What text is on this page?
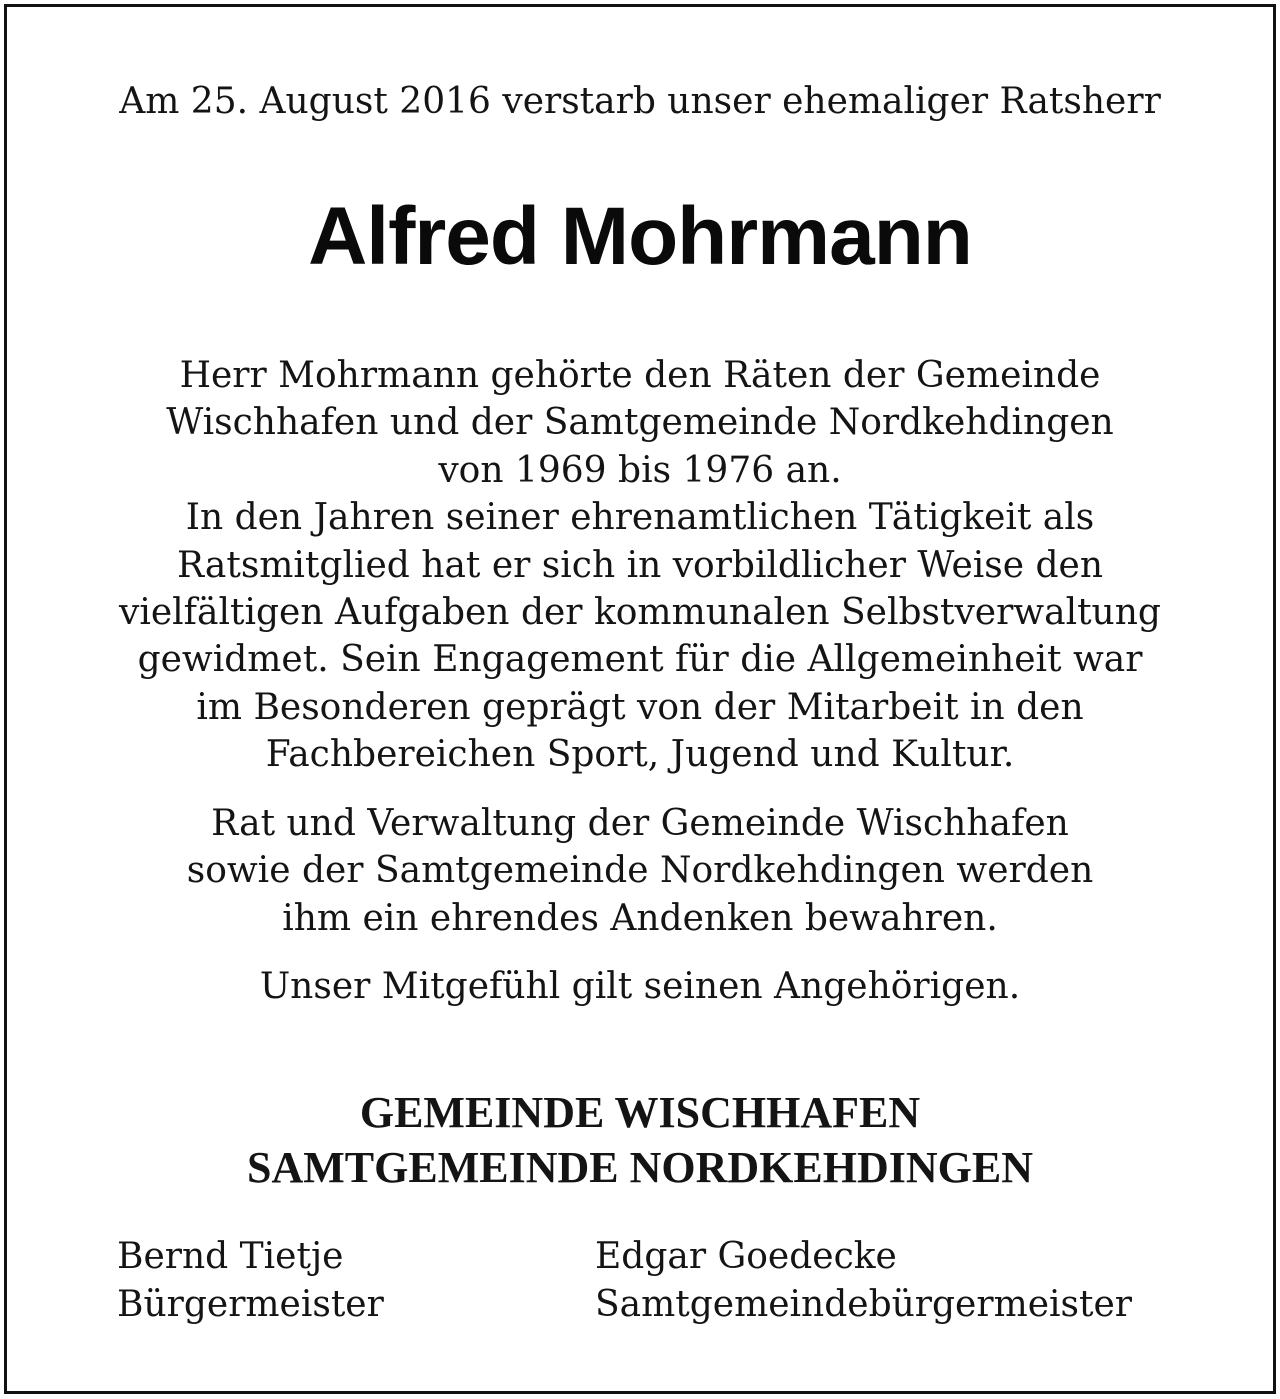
Am 25. August 2016 verstarb unser ehemaliger Ratsherr
Alfred Mohrmann
Herr Mohrmann gehörte den Räten der Gemeinde
Wischhafen und der Samtgemeinde Nordkehdingen
von 1969 bis 1976 an.
In den Jahren seiner ehrenamtlichen Tätigkeit als
Ratsmitglied hat er sich in vorbildlicher Weise den
vielfältigen Aufgaben der kommunalen Selbstverwaltung
gewidmet. Sein Engagement für die Allgemeinheit war
im Besonderen geprägt von der Mitarbeit in den
Fachbereichen Sport, Jugend und Kultur.
Rat und Verwaltung der Gemeinde Wischhafen
sowie der Samtgemeinde Nordkehdingen werden
ihm ein ehrendes Andenken bewahren.
Unser Mitgefühl gilt seinen Angehörigen.
GEMEINDE WISCHHAFEN
SAMTGEMEINDE NORDKEHDINGEN
Bernd Tietje
Bürgermeister
Edgar Goedecke
Samtgemeindebürgermeister
